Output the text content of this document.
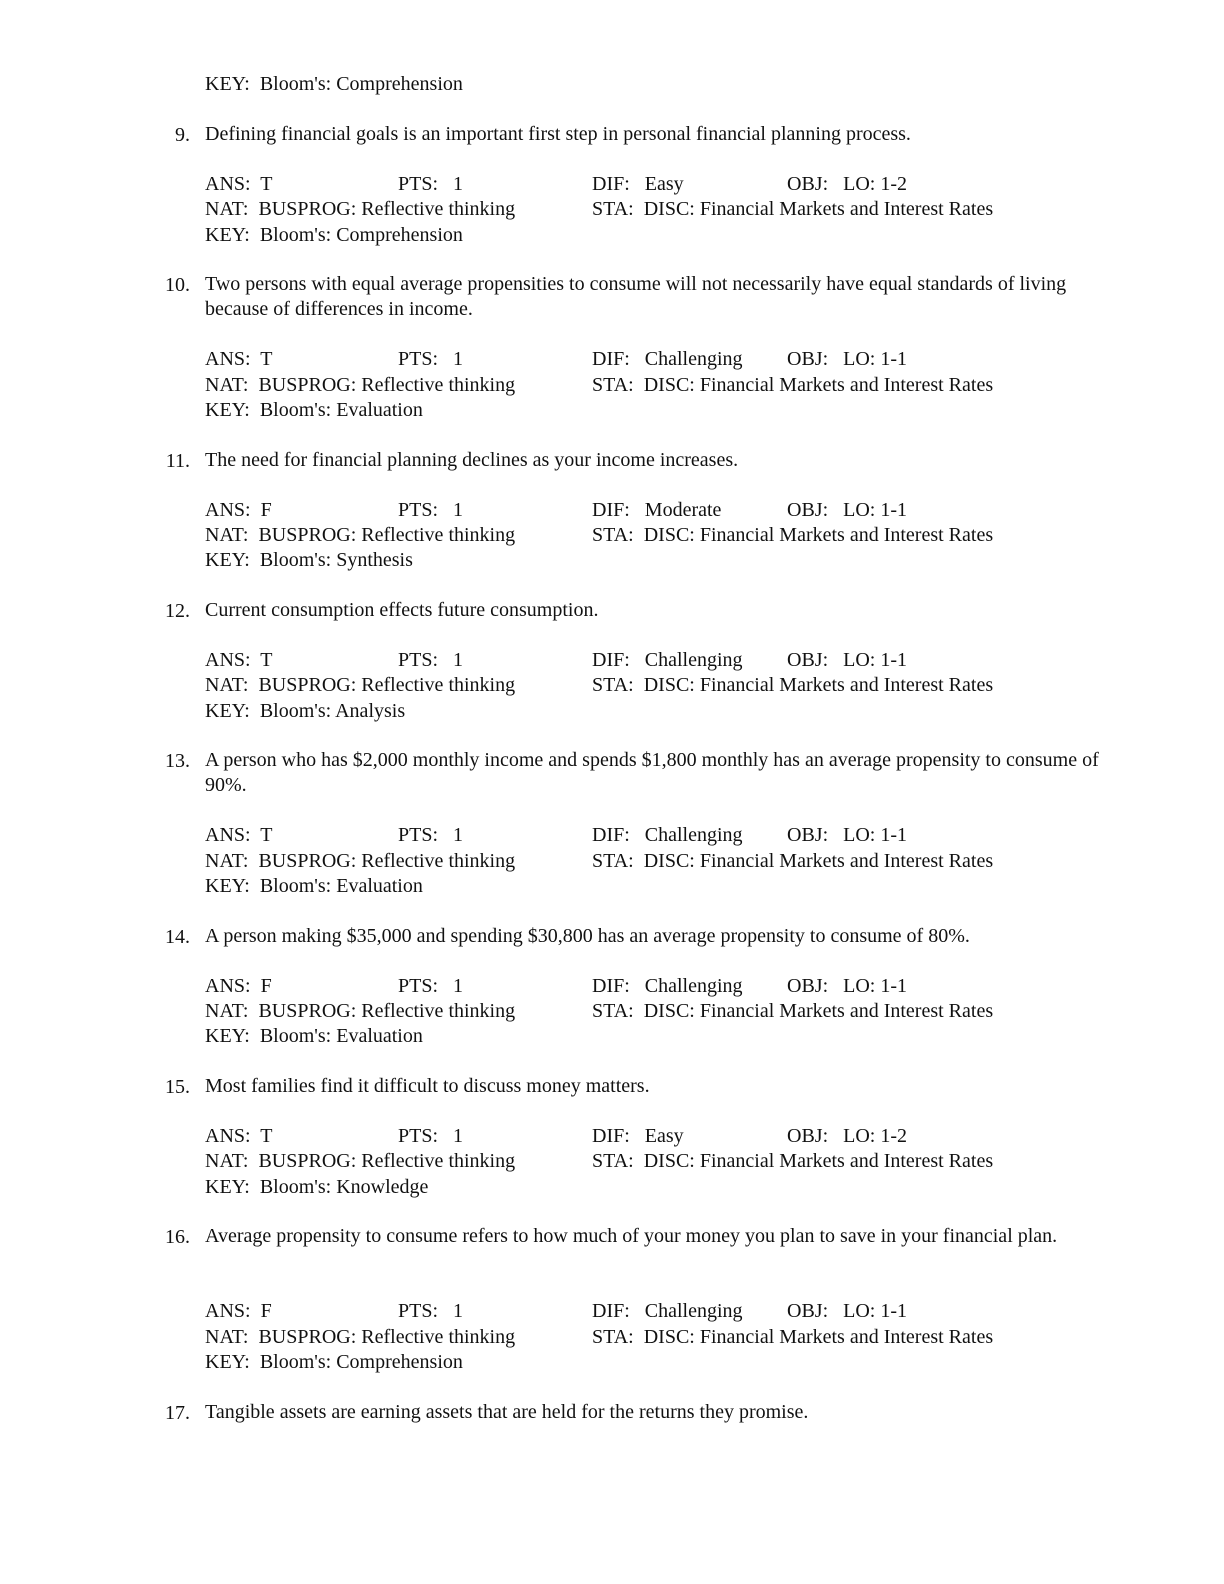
KEY:  Bloom's: Comprehension
9. Defining financial goals is an important first step in personal financial planning process.
ANS:  T	PTS:   1	DIF:   Easy	OBJ:   LO: 1-2
NAT:  BUSPROG: Reflective thinking	STA:  DISC: Financial Markets and Interest Rates
KEY:  Bloom's: Comprehension
10. Two persons with equal average propensities to consume will not necessarily have equal standards of living because of differences in income.
ANS:  T	PTS:   1	DIF:   Challenging OBJ:   LO: 1-1
NAT:  BUSPROG: Reflective thinking	STA:  DISC: Financial Markets and Interest Rates
KEY:  Bloom's: Evaluation
11. The need for financial planning declines as your income increases.
ANS:  F	PTS:   1	DIF:   Moderate	OBJ:   LO: 1-1
NAT:  BUSPROG: Reflective thinking	STA:  DISC: Financial Markets and Interest Rates
KEY:  Bloom's: Synthesis
12. Current consumption effects future consumption.
ANS:  T	PTS:   1	DIF:   Challenging OBJ:   LO: 1-1
NAT:  BUSPROG: Reflective thinking	STA:  DISC: Financial Markets and Interest Rates
KEY:  Bloom's: Analysis
13. A person who has $2,000 monthly income and spends $1,800 monthly has an average propensity to consume of 90%.
ANS:  T	PTS:   1	DIF:   Challenging OBJ:   LO: 1-1
NAT:  BUSPROG: Reflective thinking	STA:  DISC: Financial Markets and Interest Rates
KEY:  Bloom's: Evaluation
14. A person making $35,000 and spending $30,800 has an average propensity to consume of 80%.
ANS:  F	PTS:   1	DIF:   Challenging OBJ:   LO: 1-1
NAT:  BUSPROG: Reflective thinking	STA:  DISC: Financial Markets and Interest Rates
KEY:  Bloom's: Evaluation
15. Most families find it difficult to discuss money matters.
ANS:  T	PTS:   1	DIF:   Easy	OBJ:   LO: 1-2
NAT:  BUSPROG: Reflective thinking	STA:  DISC: Financial Markets and Interest Rates
KEY:  Bloom's: Knowledge
16. Average propensity to consume refers to how much of your money you plan to save in your financial plan.
ANS:  F	PTS:   1	DIF:   Challenging OBJ:   LO: 1-1
NAT:  BUSPROG: Reflective thinking	STA:  DISC: Financial Markets and Interest Rates
KEY:  Bloom's: Comprehension
17. Tangible assets are earning assets that are held for the returns they promise.
